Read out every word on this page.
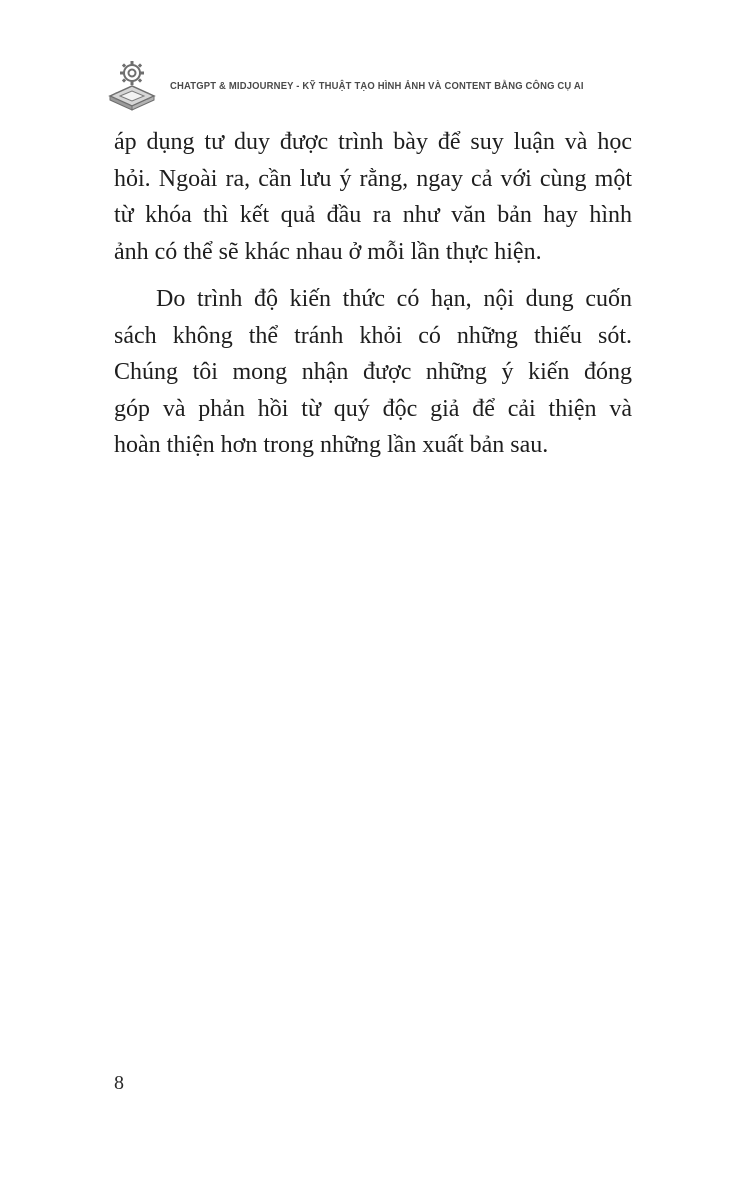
CHATGPT & MIDJOURNEY - KỸ THUẬT TẠO HÌNH ẢNH VÀ CONTENT BẰNG CÔNG CỤ AI

áp dụng tư duy được trình bày để suy luận và học
hỏi. Ngoài ra, cần lưu ý rằng, ngay cả với cùng một
từ khóa thì kết quả đầu ra như văn bản hay hình
ảnh có thể sẽ khác nhau ở mỗi lần thực hiện.

Do trình độ kiến thức có hạn, nội dung cuốn
sách không thể tránh khỏi có những thiếu sót.
Chúng tôi mong nhận được những ý kiến đóng
góp và phản hồi từ quý độc giả để cải thiện và
hoàn thiện hơn trong những lần xuất bản sau.

8
